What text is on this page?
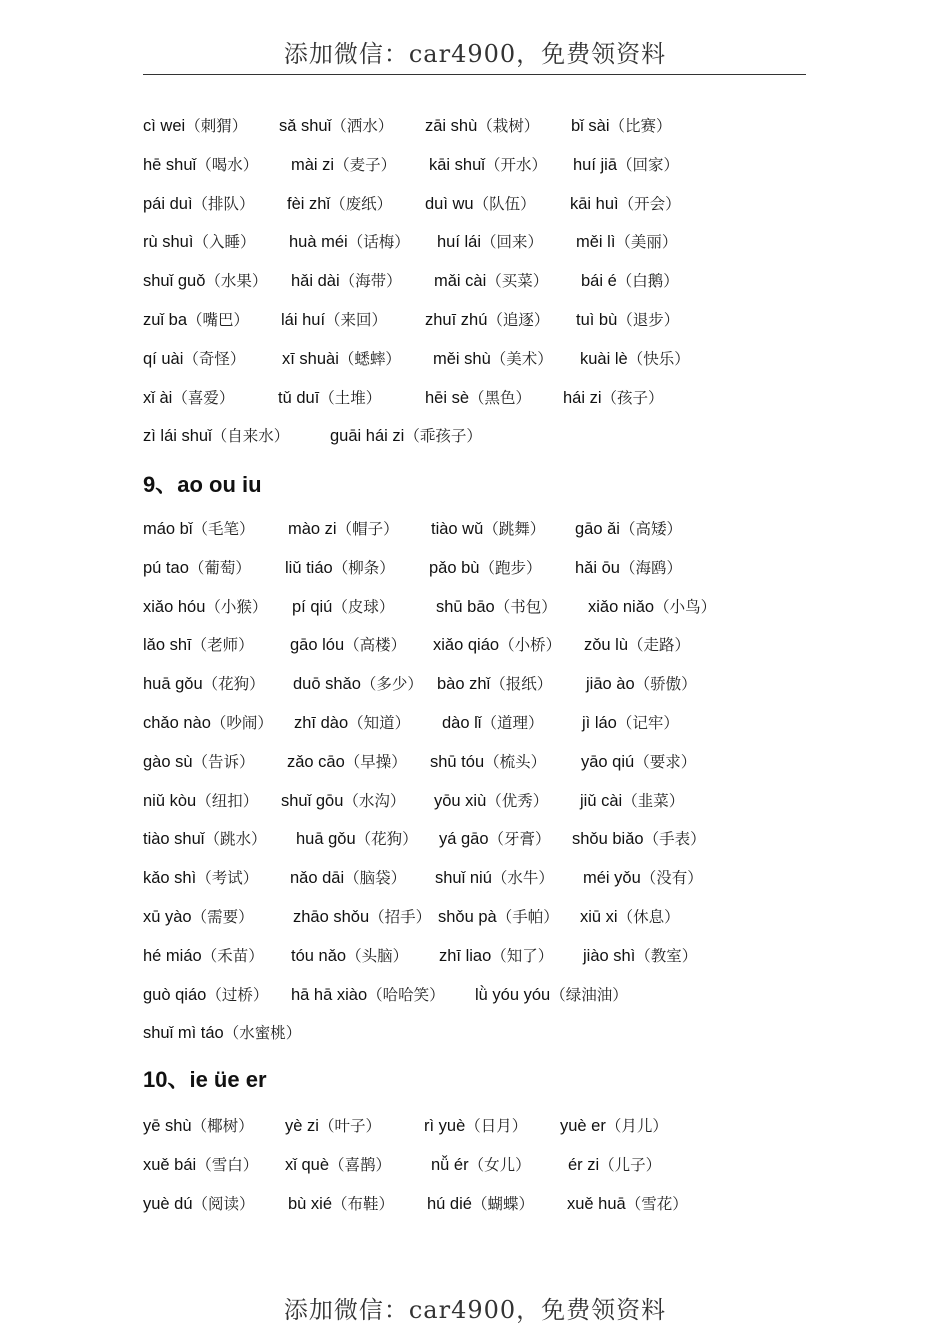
添加微信：car4900，免费领资料
cì wei（刺猬） sǎ shuǐ（洒水） zāi shù（栽树） bǐ sài（比赛）
hē shuǐ（喝水） mài zi（麦子） kāi shuǐ（开水） huí jiā（回家）
pái duì（排队） fèi zhǐ（废纸） duì wu（队伍） kāi huì（开会）
rù shuì（入睡） huà méi（话梅） huí lái（回来） měi lì（美丽）
shuǐ guǒ（水果） hǎi dài（海带） mǎi cài（买菜） bái é（白鹅）
zuǐ ba（嘴巴） lái huí（来回） zhuī zhú（追逐） tuì bù（退步）
qí uài（奇怪） xī shuài（蟋蟀） měi shù（美术） kuài lè（快乐）
xǐ ài（喜爱）	tǔ duī（土堆）	hēi sè（黑色） hái zi（孩子）
zì lái shuǐ（自来水） guāi hái zi（乖孩子）
9、ao ou iu
máo bǐ（毛笔） mào zi（帽子） tiào wǔ（跳舞） gāo ǎi（高矮）
pú tao（葡萄） liǔ tiáo（柳条） pǎo bù（跑步） hǎi ōu（海鸥）
xiǎo hóu（小猴） pí qiú（皮球）	shū bāo（书包） xiǎo niǎo（小鸟）
lǎo shī（老师） gāo lóu（高楼） xiǎo qiáo（小桥） zǒu lù（走路）
huā gǒu（花狗） duō shǎo（多少） bào zhǐ（报纸） jiāo ào（骄傲）
chǎo nào（吵闹） zhī dào（知道） dào lǐ（道理） jì láo（记牢）
gào sù（告诉） zǎo cāo（早操） shū tóu（梳头） yāo qiú（要求）
niǔ kòu（纽扣） shuǐ gōu（水沟） yōu xiù（优秀） jiǔ cài（韭菜）
tiào shuǐ（跳水） huā gǒu（花狗） yá gāo（牙膏） shǒu biǎo（手表）
kǎo shì（考试） nǎo dāi（脑袋） shuǐ niú（水牛） méi yǒu（没有）
xū yào（需要） zhāo shǒu（招手） shǒu pà（手帕） xiū xi（休息）
hé miáo（禾苗） tóu nǎo（头脑） zhī liao（知了） jiào shì（教室）
guò qiáo（过桥） hā hā xiào（哈哈笑） lǜ yóu yóu（绿油油）
shuǐ mì táo（水蜜桃）
10、ie üe er
yē shù（椰树） yè zi（叶子）	rì yuè（日月） yuè er（月儿）
xuě bái（雪白） xǐ què（喜鹊） nǚ ér（女儿） ér zi（儿子）
yuè dú（阅读） bù xié（布鞋） hú dié（蝴蝶） xuě huā（雪花）
添加微信：car4900，免费领资料
